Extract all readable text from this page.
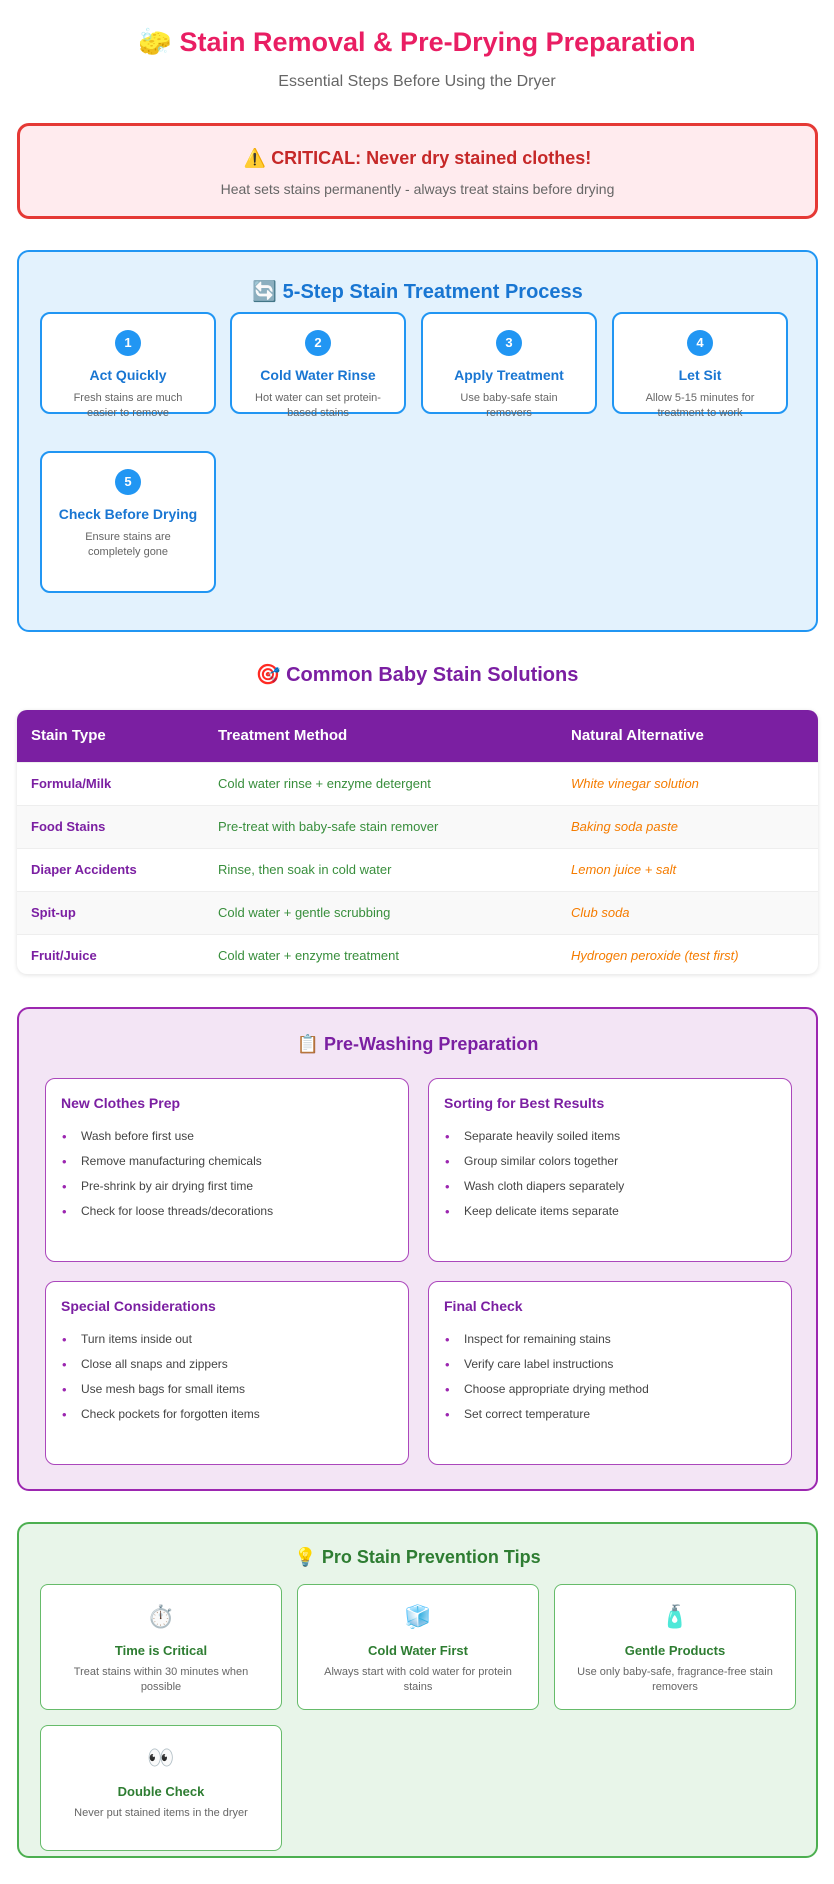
🧽 Stain Removal & Pre-Drying Preparation
Essential Steps Before Using the Dryer
⚠️ CRITICAL: Never dry stained clothes!
Heat sets stains permanently - always treat stains before drying
🔄 5-Step Stain Treatment Process
1
Act Quickly
Fresh stains are much easier to remove
2
Cold Water Rinse
Hot water can set protein-based stains
3
Apply Treatment
Use baby-safe stain removers
4
Let Sit
Allow 5-15 minutes for treatment to work
5
Check Before Drying
Ensure stains are completely gone
🎯 Common Baby Stain Solutions
Stain Type	Treatment Method	Natural Alternative
Formula/Milk	Cold water rinse + enzyme detergent	White vinegar solution
Food Stains	Pre-treat with baby-safe stain remover	Baking soda paste
Diaper Accidents	Rinse, then soak in cold water	Lemon juice + salt
Spit-up	Cold water + gentle scrubbing	Club soda
Fruit/Juice	Cold water + enzyme treatment	Hydrogen peroxide (test first)
📋 Pre-Washing Preparation
New Clothes Prep
• Wash before first use
• Remove manufacturing chemicals
• Pre-shrink by air drying first time
• Check for loose threads/decorations
Sorting for Best Results
• Separate heavily soiled items
• Group similar colors together
• Wash cloth diapers separately
• Keep delicate items separate
Special Considerations
• Turn items inside out
• Close all snaps and zippers
• Use mesh bags for small items
• Check pockets for forgotten items
Final Check
• Inspect for remaining stains
• Verify care label instructions
• Choose appropriate drying method
• Set correct temperature
💡 Pro Stain Prevention Tips
⏱️
Time is Critical
Treat stains within 30 minutes when possible
🧊
Cold Water First
Always start with cold water for protein stains
🧴
Gentle Products
Use only baby-safe, fragrance-free stain removers
👀
Double Check
Never put stained items in the dryer
